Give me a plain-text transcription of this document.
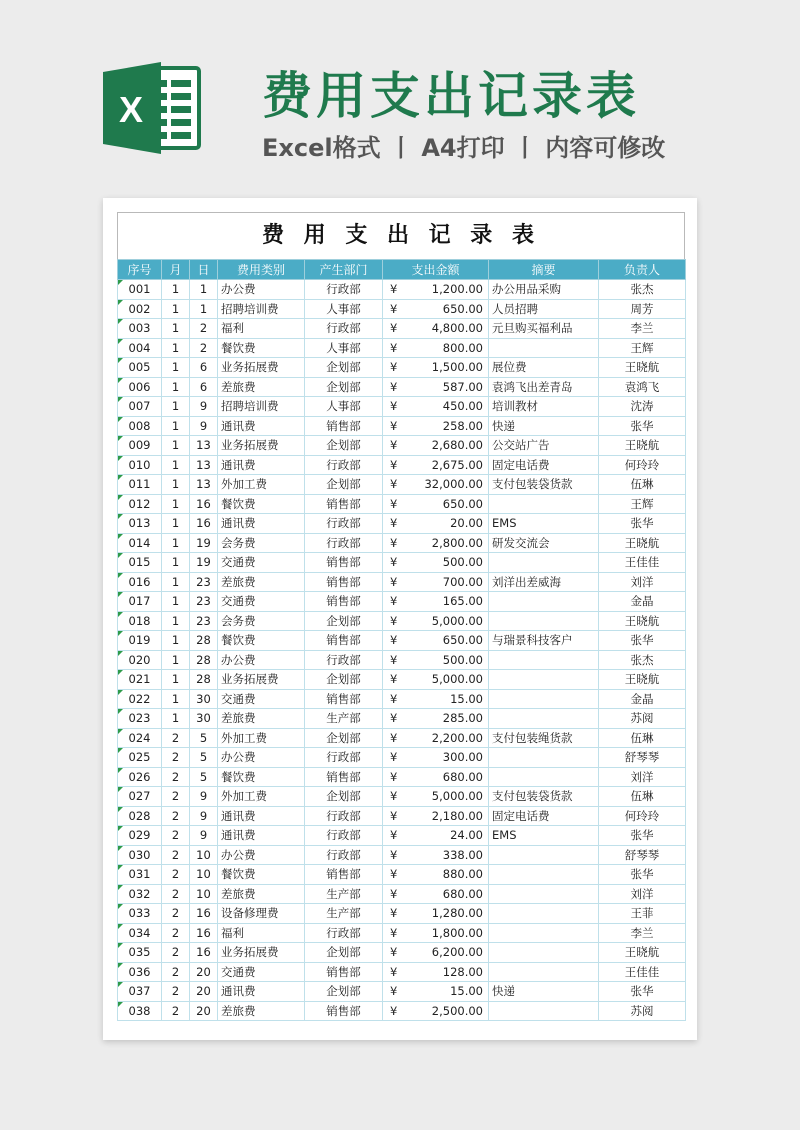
X 费用支出记录表
Excel格式 丨 A4打印 丨 内容可修改
费 用 支 出 记 录 表
序号	月	日	费用类别	产生部门	支出金额	摘要	负责人
001	1	1	办公费	行政部	¥ 1,200.00	办公用品采购	张杰
002	1	1	招聘培训费	人事部	¥ 650.00	人员招聘	周芳
003	1	2	福利	行政部	¥ 4,800.00	元旦购买福利品	李兰
004	1	2	餐饮费	人事部	¥ 800.00		王辉
005	1	6	业务拓展费	企划部	¥ 1,500.00	展位费	王晓航
006	1	6	差旅费	企划部	¥ 587.00	袁鸿飞出差青岛	袁鸿飞
007	1	9	招聘培训费	人事部	¥ 450.00	培训教材	沈涛
008	1	9	通讯费	销售部	¥ 258.00	快递	张华
009	1	13	业务拓展费	企划部	¥ 2,680.00	公交站广告	王晓航
010	1	13	通讯费	行政部	¥ 2,675.00	固定电话费	何玲玲
011	1	13	外加工费	企划部	¥ 32,000.00	支付包装袋货款	伍琳
012	1	16	餐饮费	销售部	¥ 650.00		王辉
013	1	16	通讯费	行政部	¥ 20.00	EMS	张华
014	1	19	会务费	行政部	¥ 2,800.00	研发交流会	王晓航
015	1	19	交通费	销售部	¥ 500.00		王佳佳
016	1	23	差旅费	销售部	¥ 700.00	刘洋出差威海	刘洋
017	1	23	交通费	销售部	¥ 165.00		金晶
018	1	23	会务费	企划部	¥ 5,000.00		王晓航
019	1	28	餐饮费	销售部	¥ 650.00	与瑞景科技客户	张华
020	1	28	办公费	行政部	¥ 500.00		张杰
021	1	28	业务拓展费	企划部	¥ 5,000.00		王晓航
022	1	30	交通费	销售部	¥ 15.00		金晶
023	1	30	差旅费	生产部	¥ 285.00		苏阅
024	2	5	外加工费	企划部	¥ 2,200.00	支付包装绳货款	伍琳
025	2	5	办公费	行政部	¥ 300.00		舒琴琴
026	2	5	餐饮费	销售部	¥ 680.00		刘洋
027	2	9	外加工费	企划部	¥ 5,000.00	支付包装袋货款	伍琳
028	2	9	通讯费	行政部	¥ 2,180.00	固定电话费	何玲玲
029	2	9	通讯费	行政部	¥ 24.00	EMS	张华
030	2	10	办公费	行政部	¥ 338.00		舒琴琴
031	2	10	餐饮费	销售部	¥ 880.00		张华
032	2	10	差旅费	生产部	¥ 680.00		刘洋
033	2	16	设备修理费	生产部	¥ 1,280.00		王菲
034	2	16	福利	行政部	¥ 1,800.00		李兰
035	2	16	业务拓展费	企划部	¥ 6,200.00		王晓航
036	2	20	交通费	销售部	¥ 128.00		王佳佳
037	2	20	通讯费	企划部	¥ 15.00	快递	张华
038	2	20	差旅费	销售部	¥ 2,500.00		苏阅
